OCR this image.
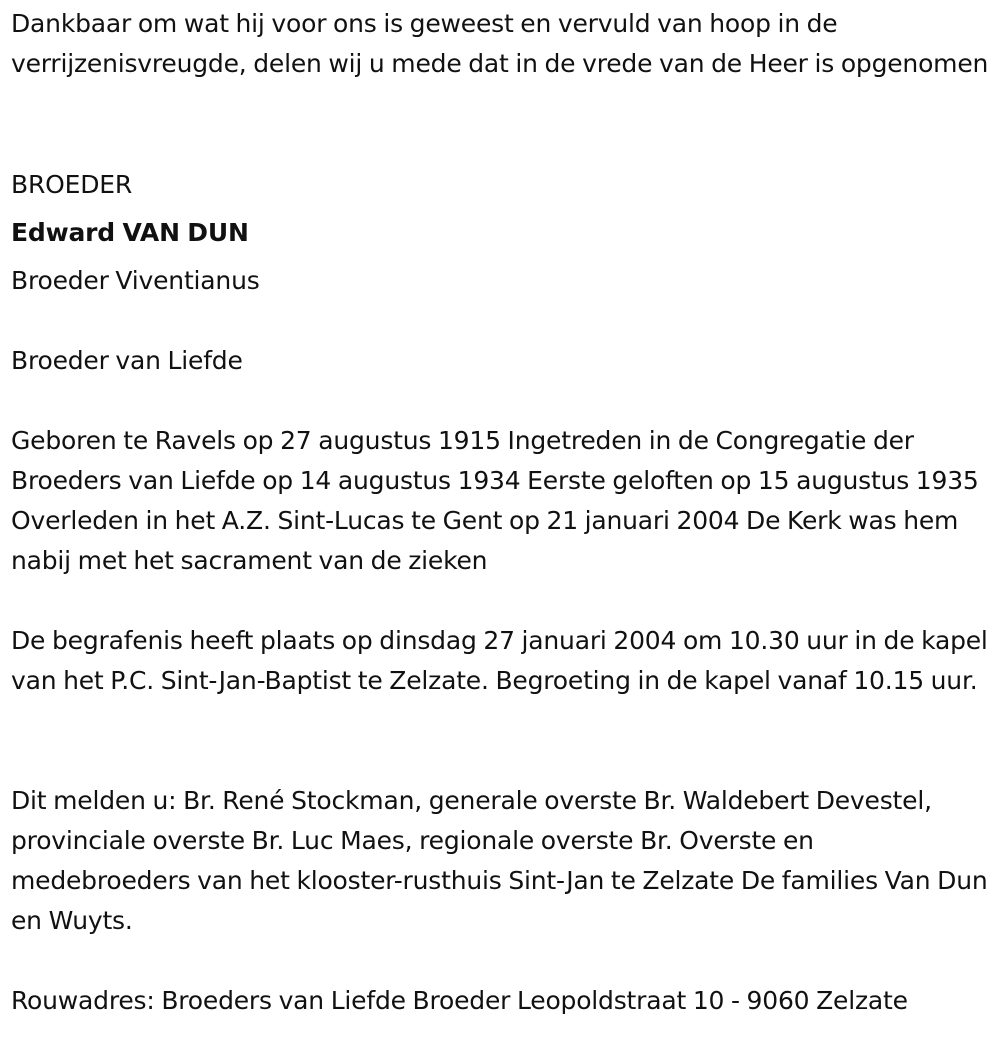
Dankbaar om wat hij voor ons is geweest en vervuld van hoop in de verrijzenisvreugde, delen wij u mede dat in de vrede van de Heer is opgenomen

BROEDER

Edward VAN DUN

Broeder Viventianus

Broeder van Liefde

Geboren te Ravels op 27 augustus 1915 Ingetreden in de Congregatie der Broeders van Liefde op 14 augustus 1934 Eerste geloften op 15 augustus 1935 Overleden in het A.Z. Sint-Lucas te Gent op 21 januari 2004 De Kerk was hem nabij met het sacrament van de zieken

De begrafenis heeft plaats op dinsdag 27 januari 2004 om 10.30 uur in de kapel van het P.C. Sint-Jan-Baptist te Zelzate. Begroeting in de kapel vanaf 10.15 uur.

Dit melden u: Br. René Stockman, generale overste Br. Waldebert Devestel, provinciale overste Br. Luc Maes, regionale overste Br. Overste en medebroeders van het klooster-rusthuis Sint-Jan te Zelzate De families Van Dun en Wuyts.

Rouwadres: Broeders van Liefde Broeder Leopoldstraat 10 - 9060 Zelzate
